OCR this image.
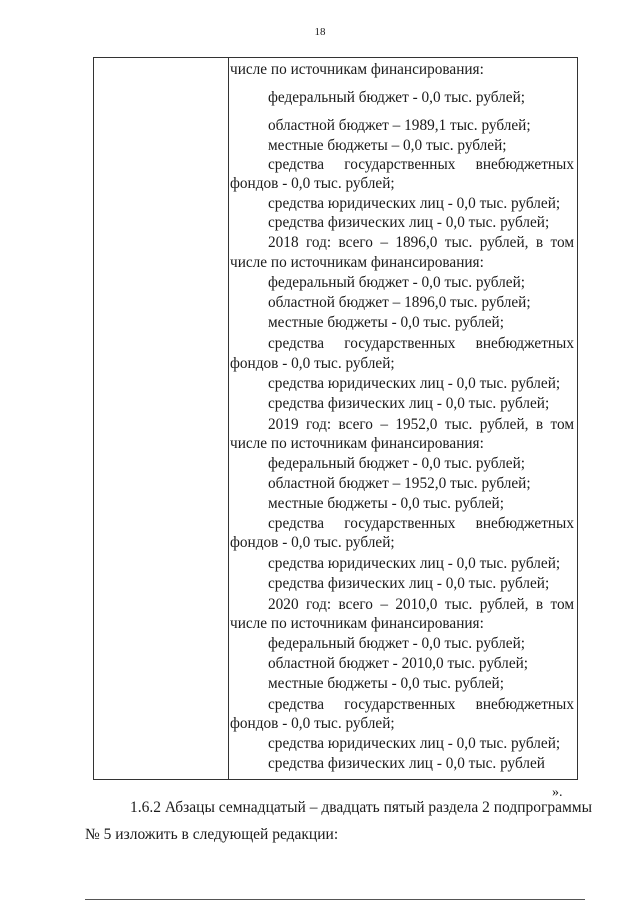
18
числе по источникам финансирования:
федеральный бюджет - 0,0 тыс. рублей;
областной бюджет – 1989,1 тыс. рублей;
местные бюджеты – 0,0 тыс. рублей;
средства государственных внебюджетных
фондов - 0,0 тыс. рублей;
средства юридических лиц - 0,0 тыс. рублей;
средства физических лиц - 0,0 тыс. рублей;
2018 год: всего – 1896,0 тыс. рублей, в том
числе по источникам финансирования:
федеральный бюджет - 0,0 тыс. рублей;
областной бюджет – 1896,0 тыс. рублей;
местные бюджеты - 0,0 тыс. рублей;
средства государственных внебюджетных
фондов - 0,0 тыс. рублей;
средства юридических лиц - 0,0 тыс. рублей;
средства физических лиц - 0,0 тыс. рублей;
2019 год: всего – 1952,0 тыс. рублей, в том
числе по источникам финансирования:
федеральный бюджет - 0,0 тыс. рублей;
областной бюджет – 1952,0 тыс. рублей;
местные бюджеты - 0,0 тыс. рублей;
средства государственных внебюджетных
фондов - 0,0 тыс. рублей;
средства юридических лиц - 0,0 тыс. рублей;
средства физических лиц - 0,0 тыс. рублей;
2020 год: всего – 2010,0 тыс. рублей, в том
числе по источникам финансирования:
федеральный бюджет - 0,0 тыс. рублей;
областной бюджет - 2010,0 тыс. рублей;
местные бюджеты - 0,0 тыс. рублей;
средства государственных внебюджетных
фондов - 0,0 тыс. рублей;
средства юридических лиц - 0,0 тыс. рублей;
средства физических лиц - 0,0 тыс. рублей
».
1.6.2 Абзацы семнадцатый – двадцать пятый раздела 2 подпрограммы
№ 5 изложить в следующей редакции:
